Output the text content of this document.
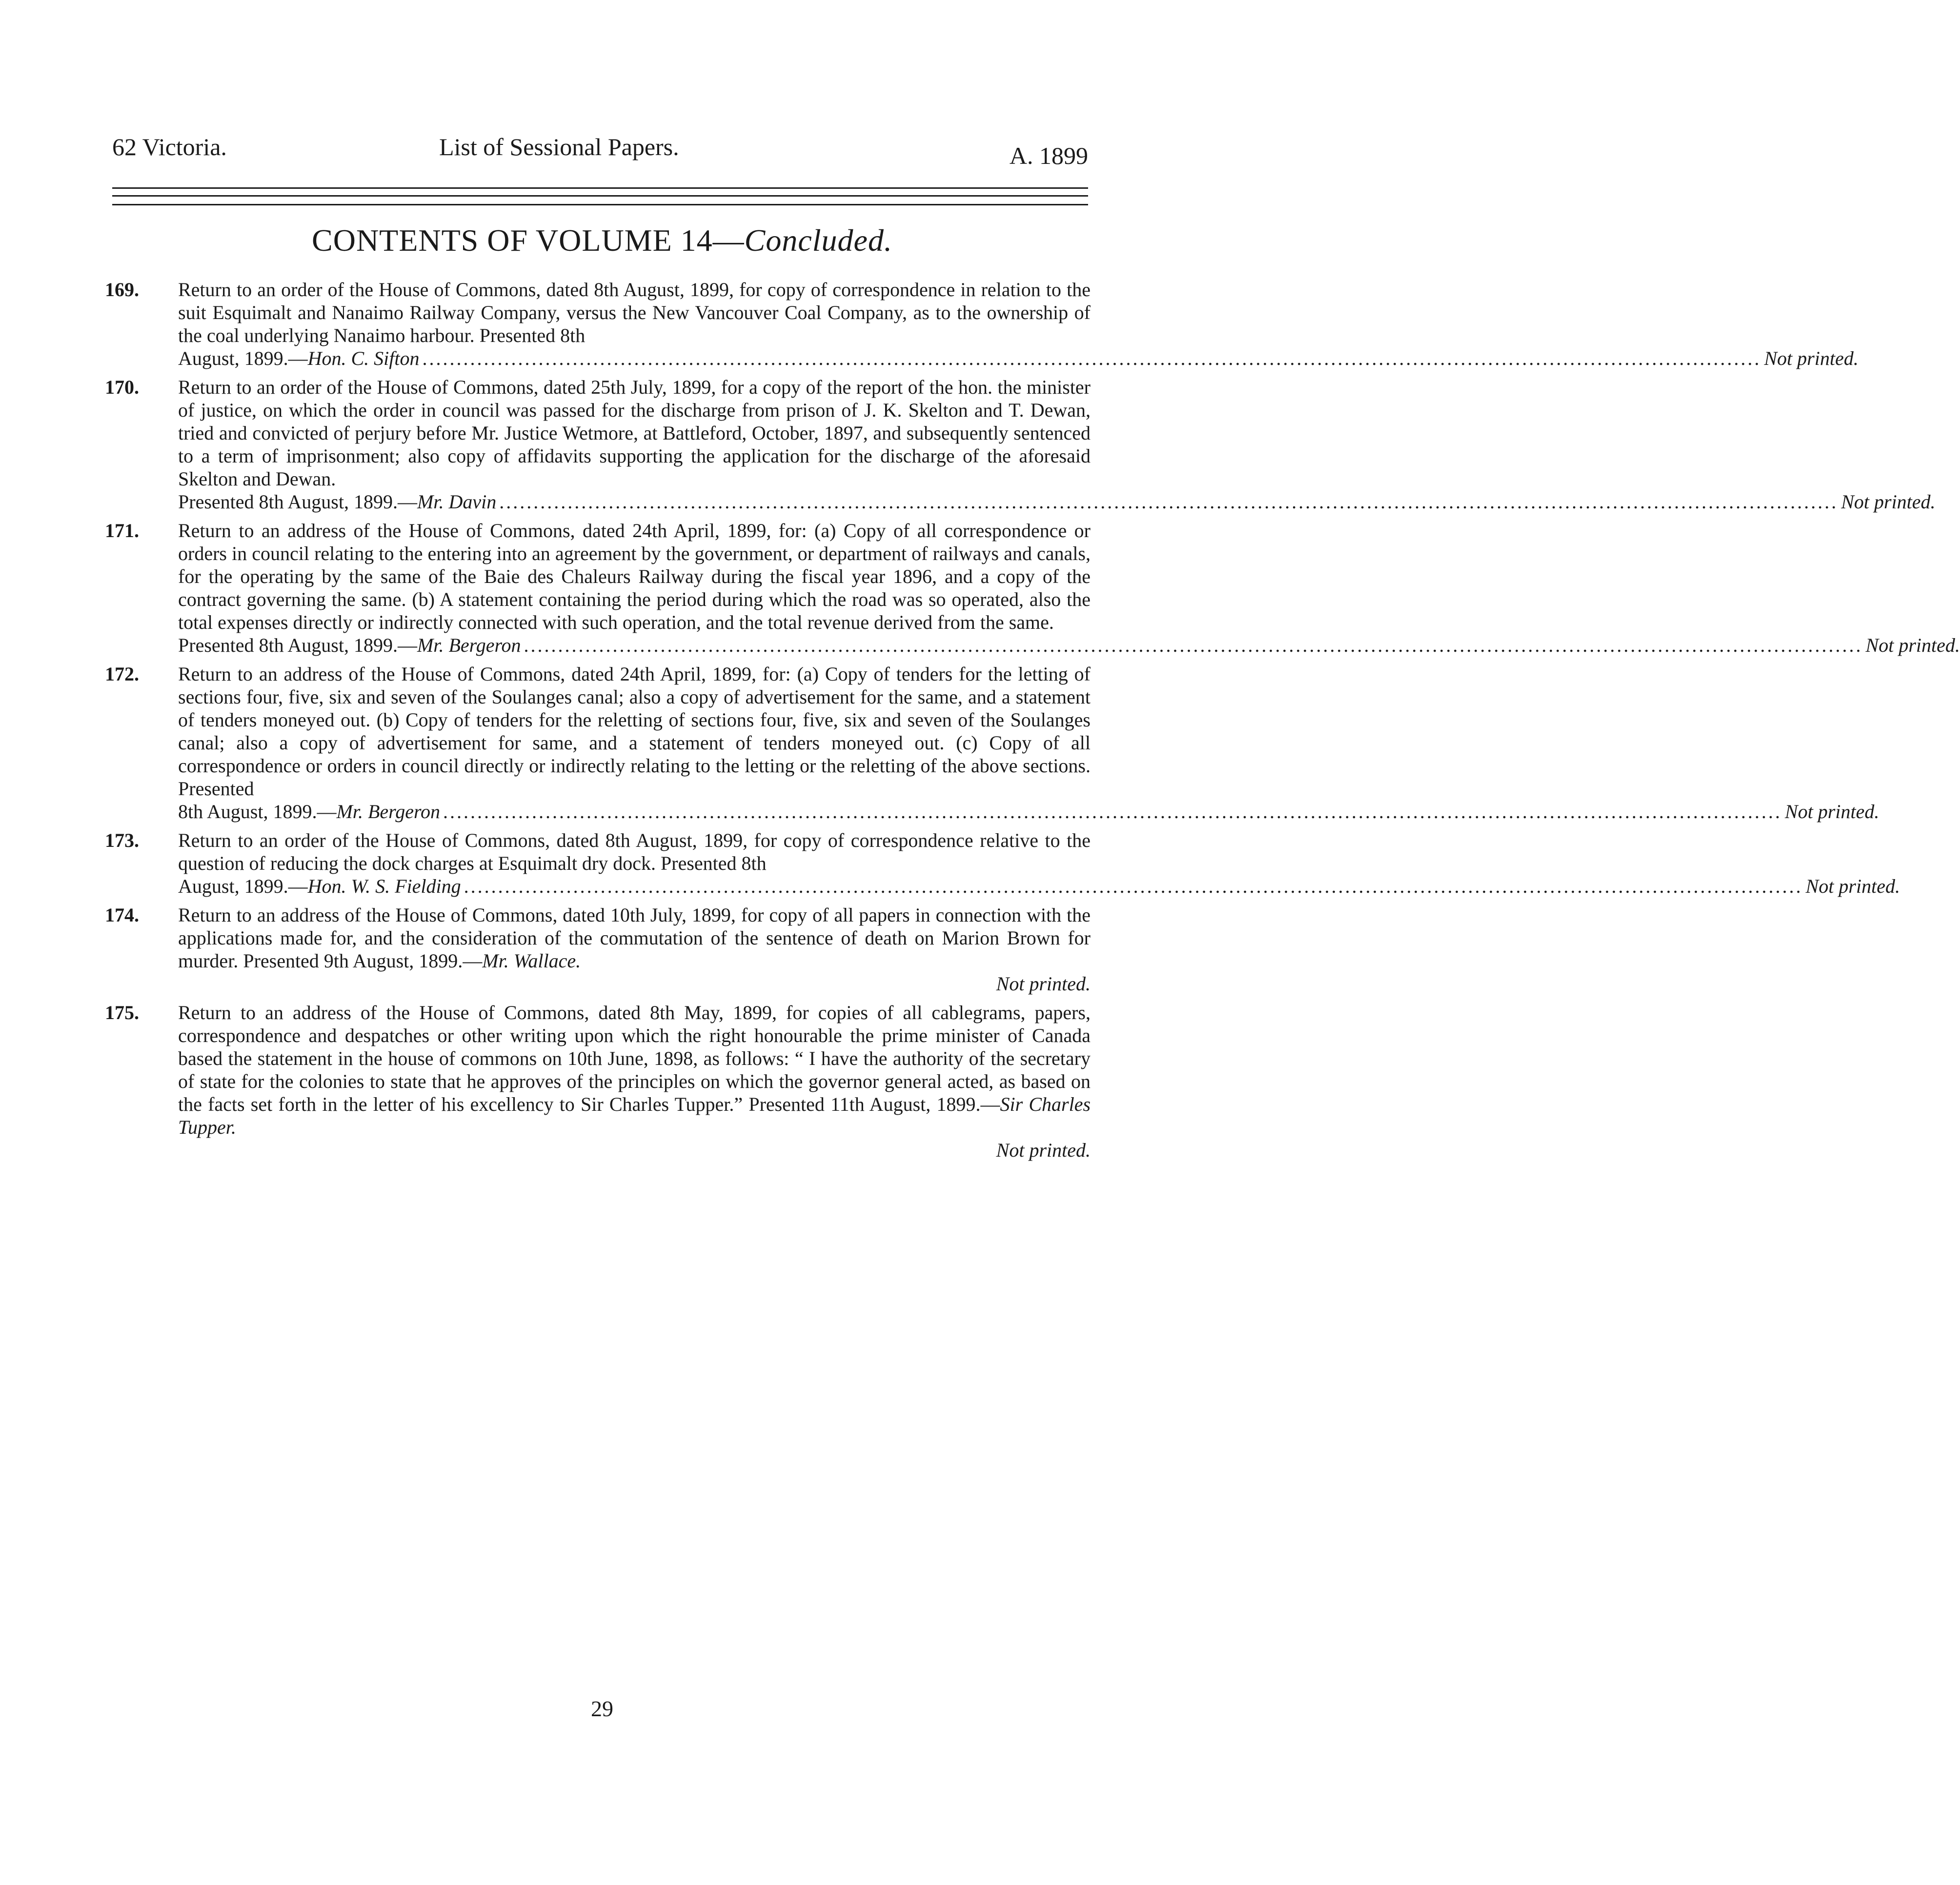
62 Victoria.	List of Sessional Papers.	A. 1899
CONTENTS OF VOLUME 14—Concluded.
169.	Return to an order of the House of Commons, dated 8th August, 1899, for copy of correspondence in relation to the suit Esquimalt and Nanaimo Railway Company, versus the New Vancouver Coal Company, as to the ownership of the coal underlying Nanaimo harbour. Presented 8th
August, 1899.—Hon. C. Sifton .................................................................................................................................................................................................... Not printed.
170.	Return to an order of the House of Commons, dated 25th July, 1899, for a copy of the report of the hon. the minister of justice, on which the order in council was passed for the discharge from prison of J. K. Skelton and T. Dewan, tried and convicted of perjury before Mr. Justice Wetmore, at Battleford, October, 1897, and subsequently sentenced to a term of imprisonment; also copy of affidavits supporting the application for the discharge of the aforesaid Skelton and Dewan.
Presented 8th August, 1899.—Mr. Davin .................................................................................................................................................................................................... Not printed.
171.	Return to an address of the House of Commons, dated 24th April, 1899, for: (a) Copy of all correspondence or orders in council relating to the entering into an agreement by the government, or department of railways and canals, for the operating by the same of the Baie des Chaleurs Railway during the fiscal year 1896, and a copy of the contract governing the same. (b) A statement containing the period during which the road was so operated, also the total expenses directly or indirectly connected with such operation, and the total revenue derived from the same.
Presented 8th August, 1899.—Mr. Bergeron .................................................................................................................................................................................................... Not printed.
172.	Return to an address of the House of Commons, dated 24th April, 1899, for: (a) Copy of tenders for the letting of sections four, five, six and seven of the Soulanges canal; also a copy of advertisement for the same, and a statement of tenders moneyed out. (b) Copy of tenders for the reletting of sections four, five, six and seven of the Soulanges canal; also a copy of advertisement for same, and a statement of tenders moneyed out. (c) Copy of all correspondence or orders in council directly or indirectly relating to the letting or the reletting of the above sections. Presented
8th August, 1899.—Mr. Bergeron .................................................................................................................................................................................................... Not printed.
173.	Return to an order of the House of Commons, dated 8th August, 1899, for copy of correspondence relative to the question of reducing the dock charges at Esquimalt dry dock. Presented 8th
August, 1899.—Hon. W. S. Fielding .................................................................................................................................................................................................... Not printed.
174.	Return to an address of the House of Commons, dated 10th July, 1899, for copy of all papers in connection with the applications made for, and the consideration of the commutation of the sentence of death on Marion Brown for murder. Presented 9th August, 1899.—Mr. Wallace.
Not printed.
175.	Return to an address of the House of Commons, dated 8th May, 1899, for copies of all cablegrams, papers, correspondence and despatches or other writing upon which the right honourable the prime minister of Canada based the statement in the house of commons on 10th June, 1898, as follows: “ I have the authority of the secretary of state for the colonies to state that he approves of the principles on which the governor general acted, as based on the facts set forth in the letter of his excellency to Sir Charles Tupper.” Presented 11th August, 1899.—Sir Charles Tupper.
Not printed.
29
